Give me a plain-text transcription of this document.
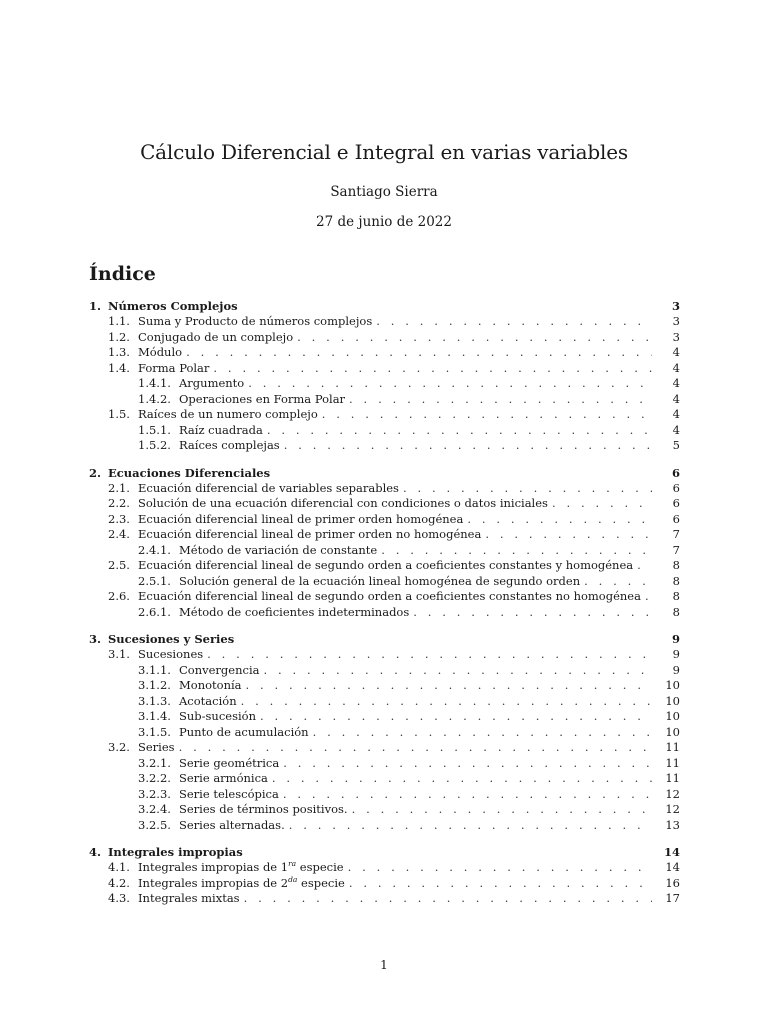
Cálculo Diferencial e Integral en varias variables
Santiago Sierra
27 de junio de 2022
Índice
1. Números Complejos	3
1.1. Suma y Producto de números complejos . . .	3
1.2. Conjugado de un complejo . . .	3
1.3. Módulo . . .	4
1.4. Forma Polar . . .	4
1.4.1. Argumento . . .	4
1.4.2. Operaciones en Forma Polar . . .	4
1.5. Raíces de un numero complejo . . .	4
1.5.1. Raíz cuadrada . . .	4
1.5.2. Raíces complejas . . .	5
2. Ecuaciones Diferenciales	6
2.1. Ecuación diferencial de variables separables . . .	6
2.2. Solución de una ecuación diferencial con condiciones o datos iniciales . . .	6
2.3. Ecuación diferencial lineal de primer orden homogénea . . .	6
2.4. Ecuación diferencial lineal de primer orden no homogénea . . .	7
2.4.1. Método de variación de constante . . .	7
2.5. Ecuación diferencial lineal de segundo orden a coeficientes constantes y homogénea . . .	8
2.5.1. Solución general de la ecuación lineal homogénea de segundo orden . . .	8
2.6. Ecuación diferencial lineal de segundo orden a coeficientes constantes no homogénea . . .	8
2.6.1. Método de coeficientes indeterminados . . .	8
3. Sucesiones y Series	9
3.1. Sucesiones . . .	9
3.1.1. Convergencia . . .	9
3.1.2. Monotonía . . .	10
3.1.3. Acotación . . .	10
3.1.4. Sub-sucesión . . .	10
3.1.5. Punto de acumulación . . .	10
3.2. Series . . .	11
3.2.1. Serie geométrica . . .	11
3.2.2. Serie armónica . . .	11
3.2.3. Serie telescópica . . .	12
3.2.4. Series de términos positivos. . . .	12
3.2.5. Series alternadas. . . .	13
4. Integrales impropias	14
4.1. Integrales impropias de $1^{ra}$ especie . . .	14
4.2. Integrales impropias de $2^{da}$ especie . . .	16
4.3. Integrales mixtas . . .	17
1
